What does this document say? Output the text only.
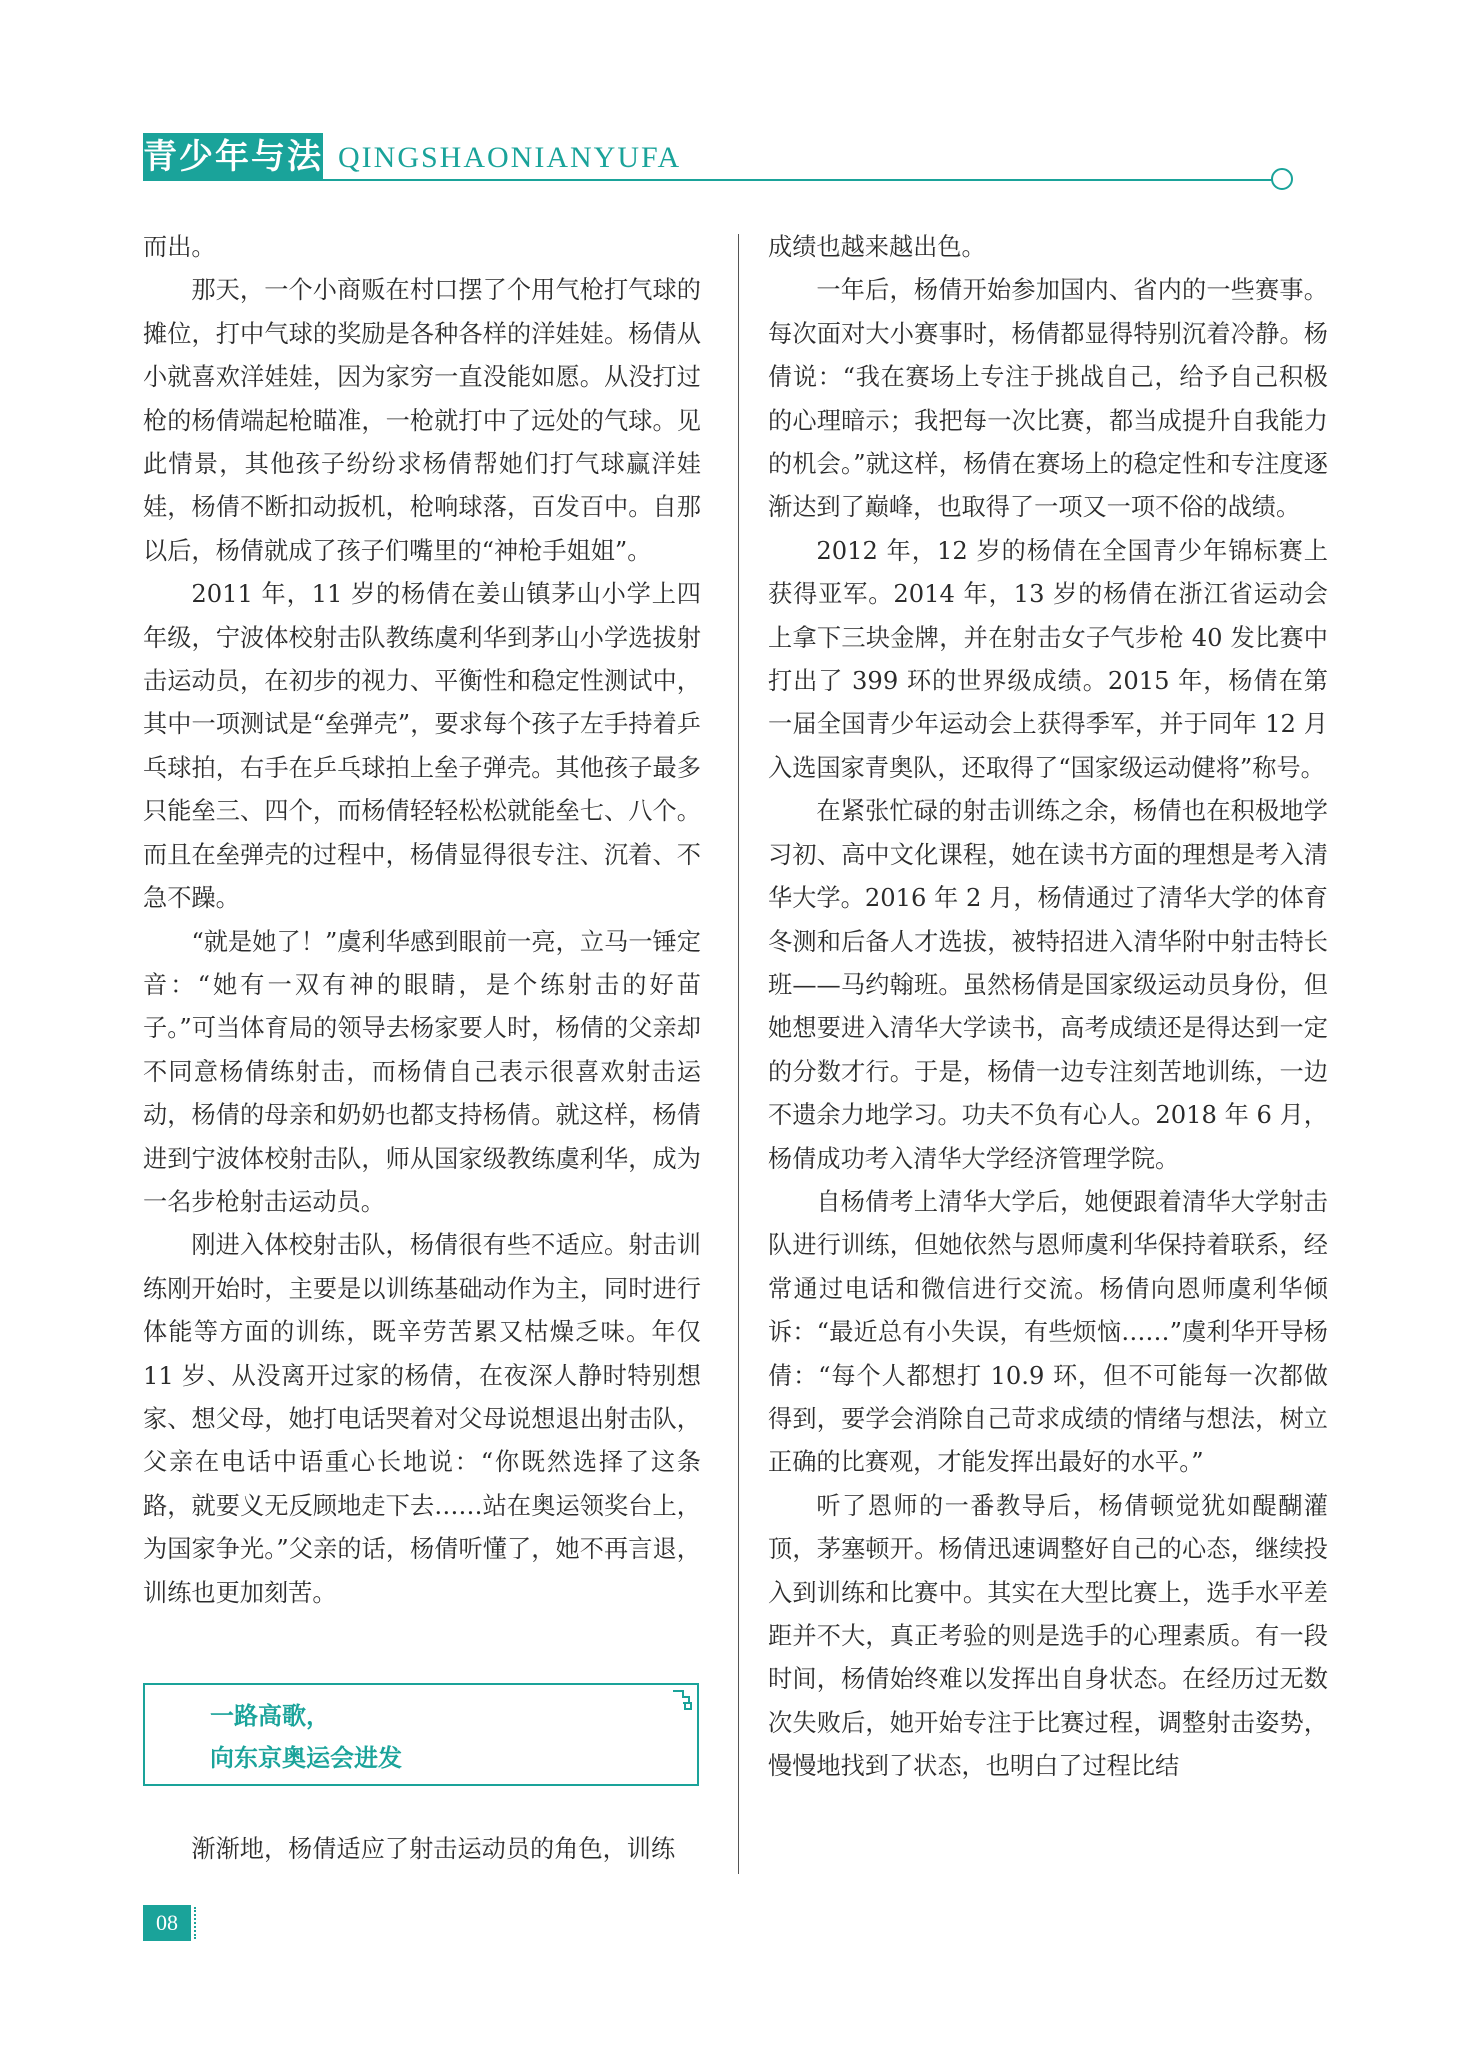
青少年与法 QINGSHAONIANYUFA

而出。

那天，一个小商贩在村口摆了个用气枪打气球的摊位，打中气球的奖励是各种各样的洋娃娃。杨倩从小就喜欢洋娃娃，因为家穷一直没能如愿。从没打过枪的杨倩端起枪瞄准，一枪就打中了远处的气球。见此情景，其他孩子纷纷求杨倩帮她们打气球赢洋娃娃，杨倩不断扣动扳机，枪响球落，百发百中。自那以后，杨倩就成了孩子们嘴里的“神枪手姐姐”。

2011 年，11 岁的杨倩在姜山镇茅山小学上四年级，宁波体校射击队教练虞利华到茅山小学选拔射击运动员，在初步的视力、平衡性和稳定性测试中，其中一项测试是“垒弹壳”，要求每个孩子左手持着乒乓球拍，右手在乒乓球拍上垒子弹壳。其他孩子最多只能垒三、四个，而杨倩轻轻松松就能垒七、八个。而且在垒弹壳的过程中，杨倩显得很专注、沉着、不急不躁。

“就是她了！”虞利华感到眼前一亮，立马一锤定音：“她有一双有神的眼睛，是个练射击的好苗子。”可当体育局的领导去杨家要人时，杨倩的父亲却不同意杨倩练射击，而杨倩自己表示很喜欢射击运动，杨倩的母亲和奶奶也都支持杨倩。就这样，杨倩进到宁波体校射击队，师从国家级教练虞利华，成为一名步枪射击运动员。

刚进入体校射击队，杨倩很有些不适应。射击训练刚开始时，主要是以训练基础动作为主，同时进行体能等方面的训练，既辛劳苦累又枯燥乏味。年仅 11 岁、从没离开过家的杨倩，在夜深人静时特别想家、想父母，她打电话哭着对父母说想退出射击队，父亲在电话中语重心长地说：“你既然选择了这条路，就要义无反顾地走下去……站在奥运领奖台上，为国家争光。”父亲的话，杨倩听懂了，她不再言退，训练也更加刻苦。

一路高歌，
向东京奥运会进发

渐渐地，杨倩适应了射击运动员的角色，训练

成绩也越来越出色。

一年后，杨倩开始参加国内、省内的一些赛事。每次面对大小赛事时，杨倩都显得特别沉着冷静。杨倩说：“我在赛场上专注于挑战自己，给予自己积极的心理暗示；我把每一次比赛，都当成提升自我能力的机会。”就这样，杨倩在赛场上的稳定性和专注度逐渐达到了巅峰，也取得了一项又一项不俗的战绩。

2012 年，12 岁的杨倩在全国青少年锦标赛上获得亚军。2014 年，13 岁的杨倩在浙江省运动会上拿下三块金牌，并在射击女子气步枪 40 发比赛中打出了 399 环的世界级成绩。2015 年，杨倩在第一届全国青少年运动会上获得季军，并于同年 12 月入选国家青奥队，还取得了“国家级运动健将”称号。

在紧张忙碌的射击训练之余，杨倩也在积极地学习初、高中文化课程，她在读书方面的理想是考入清华大学。2016 年 2 月，杨倩通过了清华大学的体育冬测和后备人才选拔，被特招进入清华附中射击特长班——马约翰班。虽然杨倩是国家级运动员身份，但她想要进入清华大学读书，高考成绩还是得达到一定的分数才行。于是，杨倩一边专注刻苦地训练，一边不遗余力地学习。功夫不负有心人。2018 年 6 月，杨倩成功考入清华大学经济管理学院。

自杨倩考上清华大学后，她便跟着清华大学射击队进行训练，但她依然与恩师虞利华保持着联系，经常通过电话和微信进行交流。杨倩向恩师虞利华倾诉：“最近总有小失误，有些烦恼……”虞利华开导杨倩：“每个人都想打 10.9 环，但不可能每一次都做得到，要学会消除自己苛求成绩的情绪与想法，树立正确的比赛观，才能发挥出最好的水平。”

听了恩师的一番教导后，杨倩顿觉犹如醍醐灌顶，茅塞顿开。杨倩迅速调整好自己的心态，继续投入到训练和比赛中。其实在大型比赛上，选手水平差距并不大，真正考验的则是选手的心理素质。有一段时间，杨倩始终难以发挥出自身状态。在经历过无数次失败后，她开始专注于比赛过程，调整射击姿势，慢慢地找到了状态，也明白了过程比结

08
